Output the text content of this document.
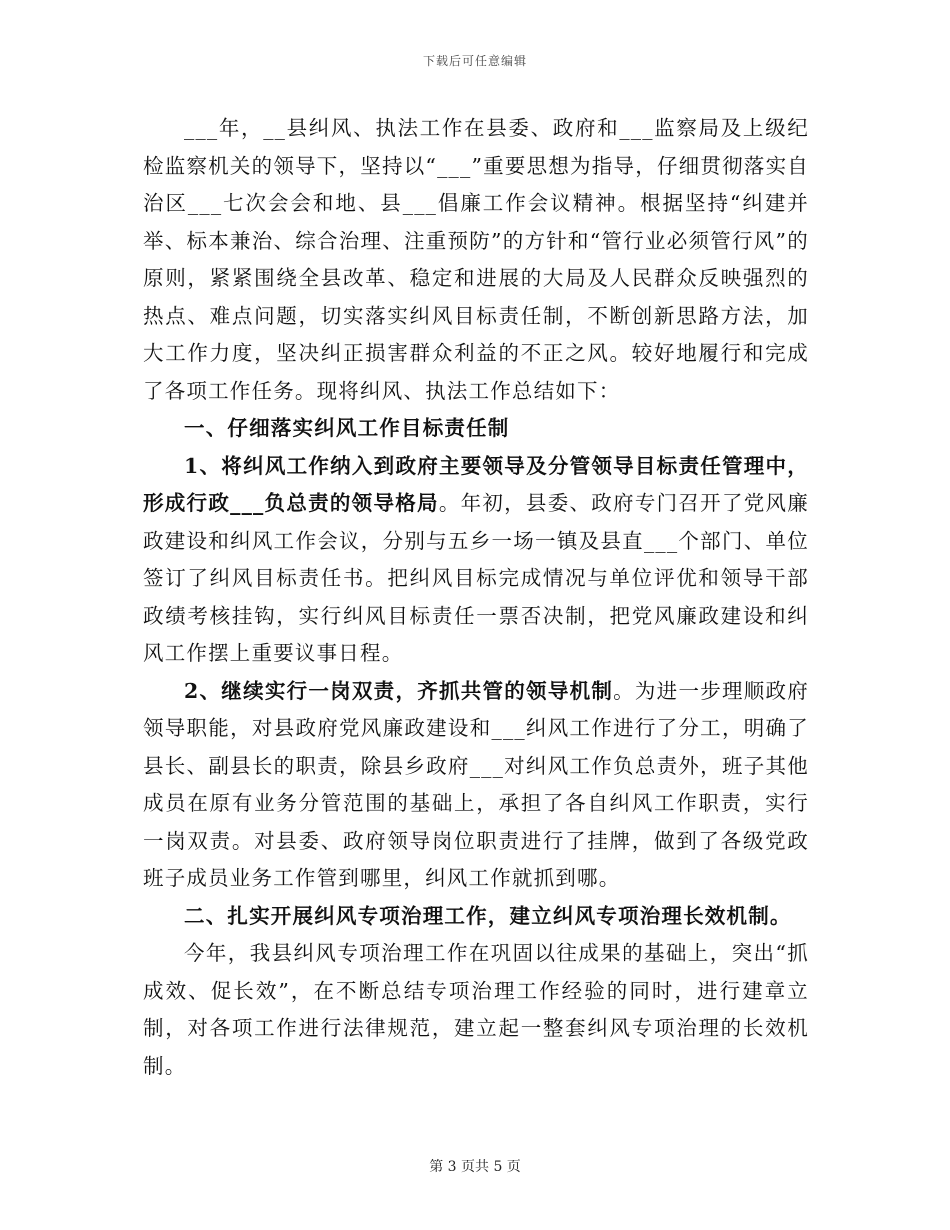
下载后可任意编辑

___年，__县纠风、执法工作在县委、政府和___监察局及上级纪检监察机关的领导下，坚持以“___”重要思想为指导，仔细贯彻落实自治区___七次会会和地、县___倡廉工作会议精神。根据坚持“纠建并举、标本兼治、综合治理、注重预防”的方针和“管行业必须管行风”的原则，紧紧围绕全县改革、稳定和进展的大局及人民群众反映强烈的热点、难点问题，切实落实纠风目标责任制，不断创新思路方法，加大工作力度，坚决纠正损害群众利益的不正之风。较好地履行和完成了各项工作任务。现将纠风、执法工作总结如下：

一、仔细落实纠风工作目标责任制

1、将纠风工作纳入到政府主要领导及分管领导目标责任管理中，形成行政___负总责的领导格局。年初，县委、政府专门召开了党风廉政建设和纠风工作会议，分别与五乡一场一镇及县直___个部门、单位签订了纠风目标责任书。把纠风目标完成情况与单位评优和领导干部政绩考核挂钩，实行纠风目标责任一票否决制，把党风廉政建设和纠风工作摆上重要议事日程。

2、继续实行一岗双责，齐抓共管的领导机制。为进一步理顺政府领导职能，对县政府党风廉政建设和___纠风工作进行了分工，明确了县长、副县长的职责，除县乡政府___对纠风工作负总责外，班子其他成员在原有业务分管范围的基础上，承担了各自纠风工作职责，实行一岗双责。对县委、政府领导岗位职责进行了挂牌，做到了各级党政班子成员业务工作管到哪里，纠风工作就抓到哪。

二、扎实开展纠风专项治理工作，建立纠风专项治理长效机制。

今年，我县纠风专项治理工作在巩固以往成果的基础上，突出“抓成效、促长效”，在不断总结专项治理工作经验的同时，进行建章立制，对各项工作进行法律规范，建立起一整套纠风专项治理的长效机制。

第 3 页共 5 页
